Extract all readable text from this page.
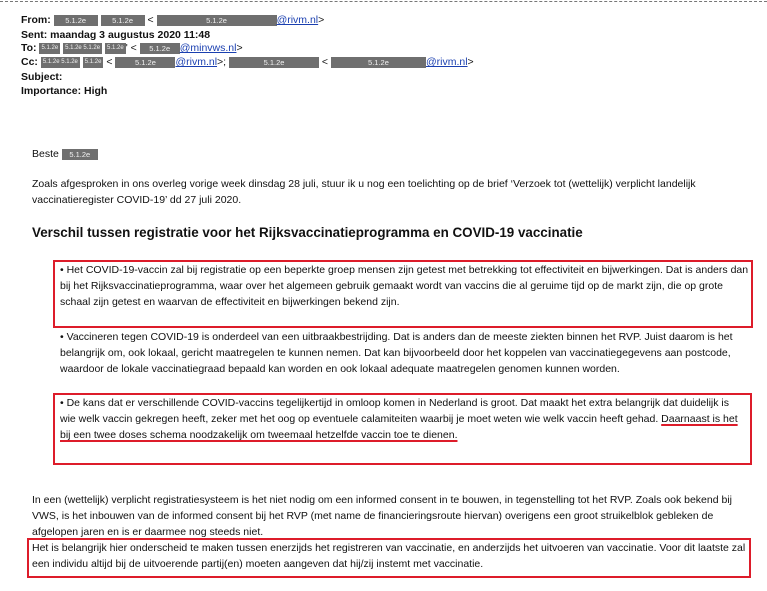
From: 5.1.2e	5.1.2e <	5.1.2e	@rivm.nl>
Sent: maandag 3 augustus 2020 11:48
To: 5.1.2e 5.1.2e 5.1.2e 5.1.2e ' < 5.1.2e @minvws.nl>
Cc: 5.1.2e 5.1.2e 5.1.2e <	5.1.2e @rivm.nl>;	5.1.2e	<	5.1.2e	@rivm.nl>
Subject:
Importance: High
Beste 5.1.2e
Zoals afgesproken in ons overleg vorige week dinsdag 28 juli, stuur ik u nog een toelichting op de brief ‘Verzoek tot (wettelijk) verplicht landelijk vaccinatieregister COVID-19’ dd 27 juli 2020.
Verschil tussen registratie voor het Rijksvaccinatieprogramma en COVID-19 vaccinatie
• Het COVID-19-vaccin zal bij registratie op een beperkte groep mensen zijn getest met betrekking tot effectiviteit en bijwerkingen. Dat is anders dan bij het Rijksvaccinatieprogramma, waar over het algemeen gebruik gemaakt wordt van vaccins die al geruime tijd op de markt zijn, die op grote schaal zijn getest en waarvan de effectiviteit en bijwerkingen bekend zijn.
• Vaccineren tegen COVID-19 is onderdeel van een uitbraakbestrijding. Dat is anders dan de meeste ziekten binnen het RVP. Juist daarom is het belangrijk om, ook lokaal, gericht maatregelen te kunnen nemen. Dat kan bijvoorbeeld door het koppelen van vaccinatiegegevens aan postcode, waardoor de lokale vaccinatiegraad bepaald kan worden en ook lokaal adequate maatregelen genomen kunnen worden.
• De kans dat er verschillende COVID-vaccins tegelijkertijd in omloop komen in Nederland is groot. Dat maakt het extra belangrijk dat duidelijk is wie welk vaccin gekregen heeft, zeker met het oog op eventuele calamiteiten waarbij je moet weten wie welk vaccin heeft gehad. Daarnaast is het bij een twee doses schema noodzakelijk om tweemaal hetzelfde vaccin toe te dienen.
In een (wettelijk) verplicht registratiesysteem is het niet nodig om een informed consent in te bouwen, in tegenstelling tot het RVP. Zoals ook bekend bij VWS, is het inbouwen van de informed consent bij het RVP (met name de financieringsroute hiervan) overigens een groot struikelblok gebleken de afgelopen jaren en is er daarmee nog steeds niet.
Het is belangrijk hier onderscheid te maken tussen enerzijds het registreren van vaccinatie, en anderzijds het uitvoeren van vaccinatie. Voor dit laatste zal een individu altijd bij de uitvoerende partij(en) moeten aangeven dat hij/zij instemt met vaccinatie.
